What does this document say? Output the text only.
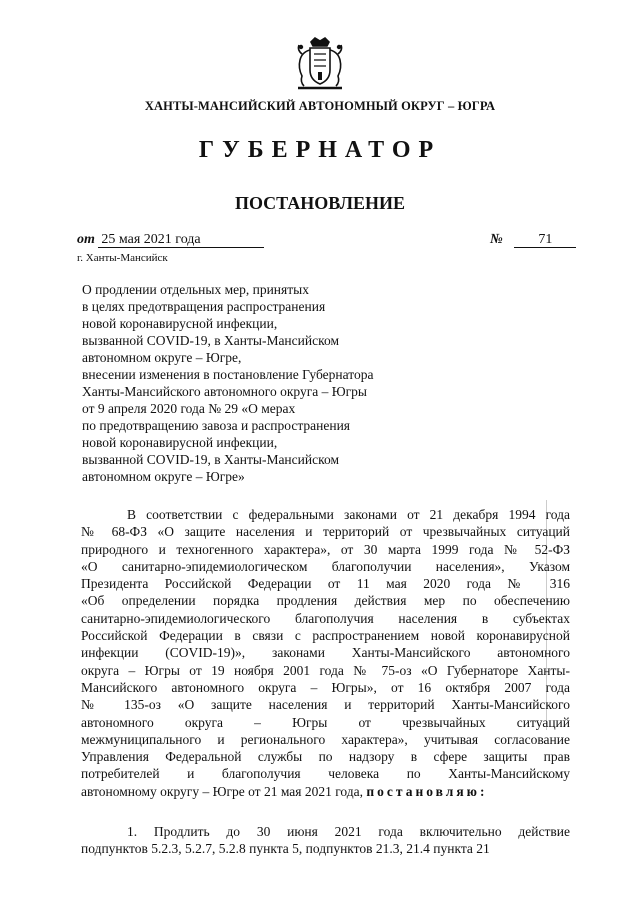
ХАНТЫ-МАНСИЙСКИЙ АВТОНОМНЫЙ ОКРУГ – ЮГРА
ГУБЕРНАТОР
ПОСТАНОВЛЕНИЕ
от 25 мая 2021 года	№	71
г. Ханты-Мансийск
О продлении отдельных мер, принятых
в целях предотвращения распространения
новой коронавирусной инфекции,
вызванной COVID-19, в Ханты-Мансийском
автономном округе – Югре,
внесении изменения в постановление Губернатора
Ханты-Мансийского автономного округа – Югры
от 9 апреля 2020 года № 29 «О мерах
по предотвращению завоза и распространения
новой коронавирусной инфекции,
вызванной COVID-19, в Ханты-Мансийском
автономном округе – Югре»
В соответствии с федеральными законами от 21 декабря 1994 года
№ 68-ФЗ «О защите населения и территорий от чрезвычайных ситуаций
природного и техногенного характера», от 30 марта 1999 года № 52-ФЗ
«О санитарно-эпидемиологическом благополучии населения», Указом
Президента Российской Федерации от 11 мая 2020 года № 316
«Об определении порядка продления действия мер по обеспечению
санитарно-эпидемиологического благополучия населения в субъектах
Российской Федерации в связи с распространением новой коронавирусной
инфекции (COVID-19)», законами Ханты-Мансийского автономного
округа – Югры от 19 ноября 2001 года № 75-оз «О Губернаторе Ханты-
Мансийского автономного округа – Югры», от 16 октября 2007 года
№ 135-оз «О защите населения и территорий Ханты-Мансийского
автономного округа – Югры от чрезвычайных ситуаций
межмуниципального и регионального характера», учитывая согласование
Управления Федеральной службы по надзору в сфере защиты прав
потребителей и благополучия человека по Ханты-Мансийскому
автономному округу – Югре от 21 мая 2021 года, постановляю:
1. Продлить до 30 июня 2021 года включительно действие
подпунктов 5.2.3, 5.2.7, 5.2.8 пункта 5, подпунктов 21.3, 21.4 пункта 21
